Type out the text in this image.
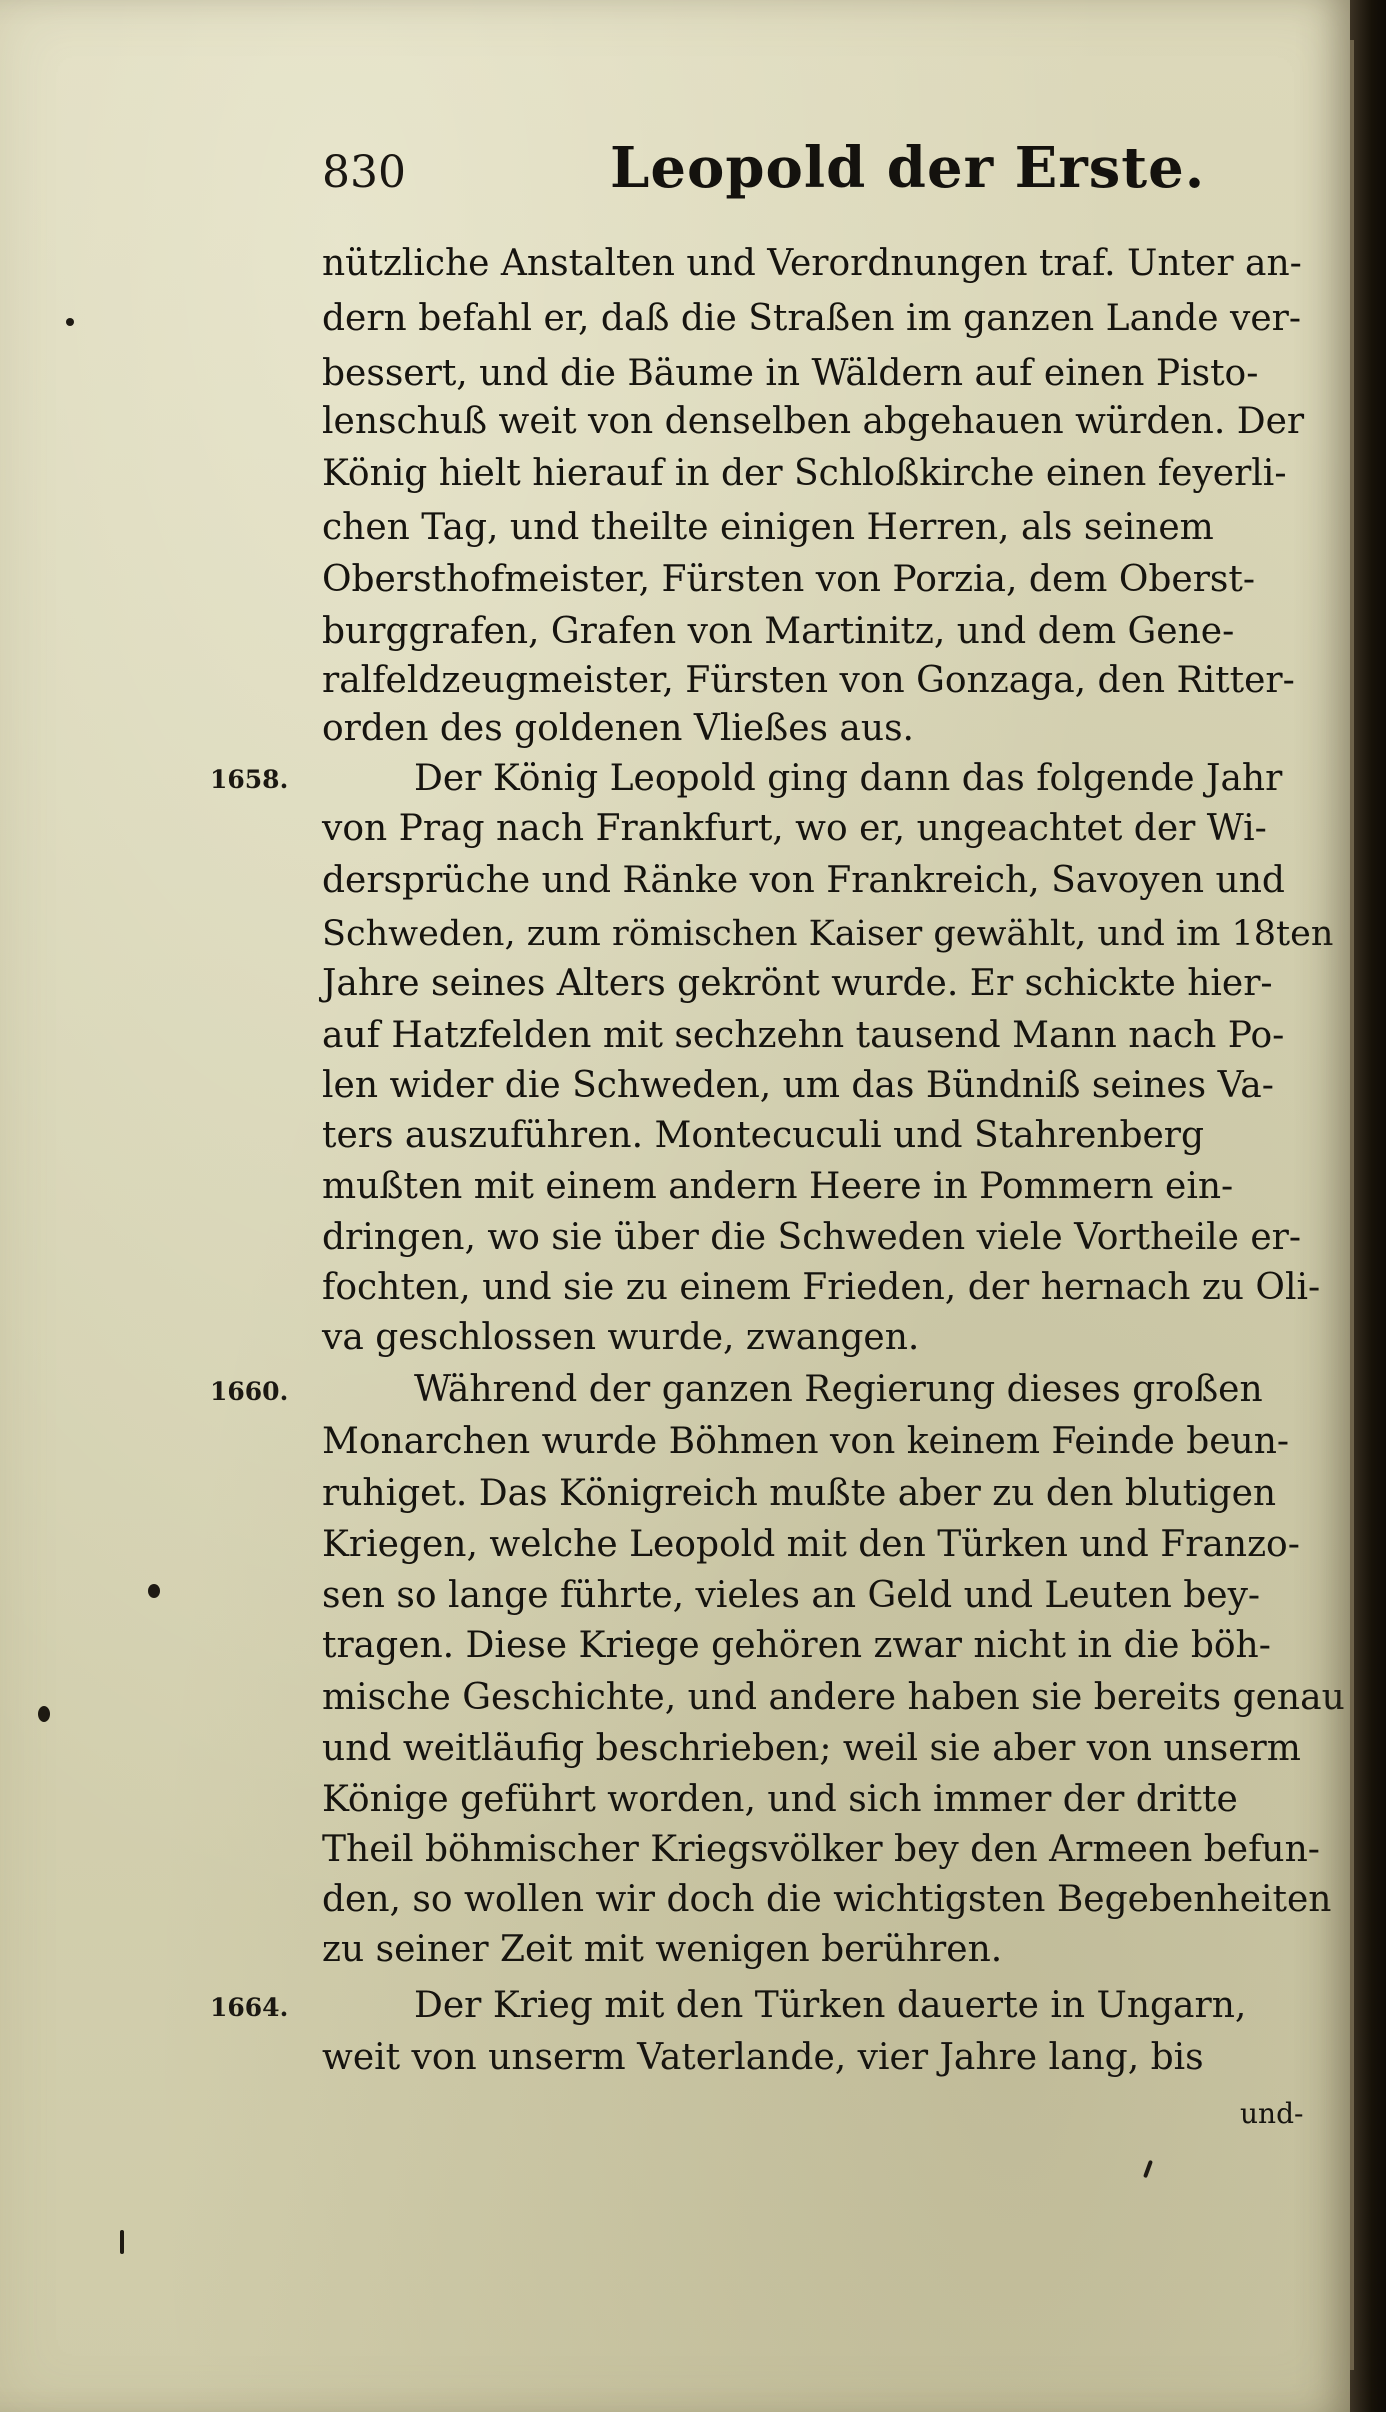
830	Leopold der Erste.
nützliche Anstalten und Verordnungen traf. Unter an-
dern befahl er, daß die Straßen im ganzen Lande ver-
bessert, und die Bäume in Wäldern auf einen Pisto-
lenschuß weit von denselben abgehauen würden. Der
König hielt hierauf in der Schloßkirche einen feyerli-
chen Tag, und theilte einigen Herren, als seinem
Obersthofmeister, Fürsten von Porzia, dem Oberst-
burggrafen, Grafen von Martinitz, und dem Gene-
ralfeldzeugmeister, Fürsten von Gonzaga, den Ritter-
orden des goldenen Vließes aus.
Der König Leopold ging dann das folgende Jahr
von Prag nach Frankfurt, wo er, ungeachtet der Wi-
dersprüche und Ränke von Frankreich, Savoyen und
Schweden, zum römischen Kaiser gewählt, und im 18ten
Jahre seines Alters gekrönt wurde. Er schickte hier-
auf Hatzfelden mit sechzehn tausend Mann nach Po-
len wider die Schweden, um das Bündniß seines Va-
ters auszuführen. Montecuculi und Stahrenberg
mußten mit einem andern Heere in Pommern ein-
dringen, wo sie über die Schweden viele Vortheile er-
fochten, und sie zu einem Frieden, der hernach zu Oli-
va geschlossen wurde, zwangen.
Während der ganzen Regierung dieses großen
Monarchen wurde Böhmen von keinem Feinde beun-
ruhiget. Das Königreich mußte aber zu den blutigen
Kriegen, welche Leopold mit den Türken und Franzo-
sen so lange führte, vieles an Geld und Leuten bey-
tragen. Diese Kriege gehören zwar nicht in die böh-
mische Geschichte, und andere haben sie bereits genau
und weitläufig beschrieben; weil sie aber von unserm
Könige geführt worden, und sich immer der dritte
Theil böhmischer Kriegsvölker bey den Armeen befun-
den, so wollen wir doch die wichtigsten Begebenheiten
zu seiner Zeit mit wenigen berühren.
Der Krieg mit den Türken dauerte in Ungarn,
weit von unserm Vaterlande, vier Jahre lang, bis
1658.
1660.
1664.
und-
